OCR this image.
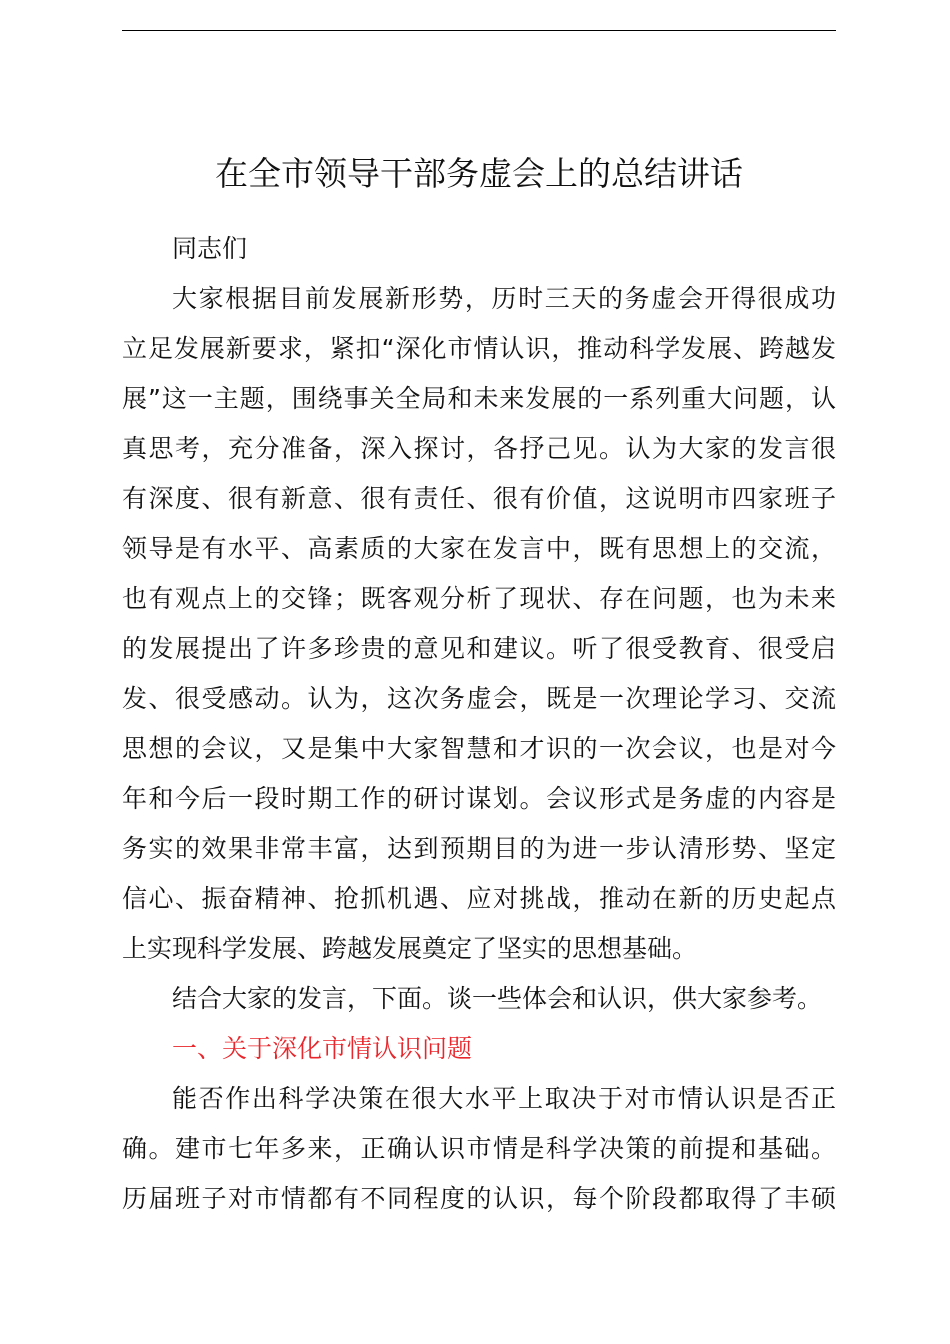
在全市领导干部务虚会上的总结讲话
同志们
大家根据目前发展新形势，历时三天的务虚会开得很成功
立足发展新要求，紧扣“深化市情认识，推动科学发展、跨越发
展”这一主题，围绕事关全局和未来发展的一系列重大问题，认
真思考，充分准备，深入探讨，各抒己见。认为大家的发言很
有深度、很有新意、很有责任、很有价值，这说明市四家班子
领导是有水平、高素质的大家在发言中，既有思想上的交流，
也有观点上的交锋；既客观分析了现状、存在问题，也为未来
的发展提出了许多珍贵的意见和建议。听了很受教育、很受启
发、很受感动。认为，这次务虚会，既是一次理论学习、交流
思想的会议，又是集中大家智慧和才识的一次会议，也是对今
年和今后一段时期工作的研讨谋划。会议形式是务虚的内容是
务实的效果非常丰富，达到预期目的为进一步认清形势、坚定
信心、振奋精神、抢抓机遇、应对挑战，推动在新的历史起点
上实现科学发展、跨越发展奠定了坚实的思想基础。
结合大家的发言，下面。谈一些体会和认识，供大家参考。
一、关于深化市情认识问题
能否作出科学决策在很大水平上取决于对市情认识是否正
确。建市七年多来，正确认识市情是科学决策的前提和基础。
历届班子对市情都有不同程度的认识，每个阶段都取得了丰硕
